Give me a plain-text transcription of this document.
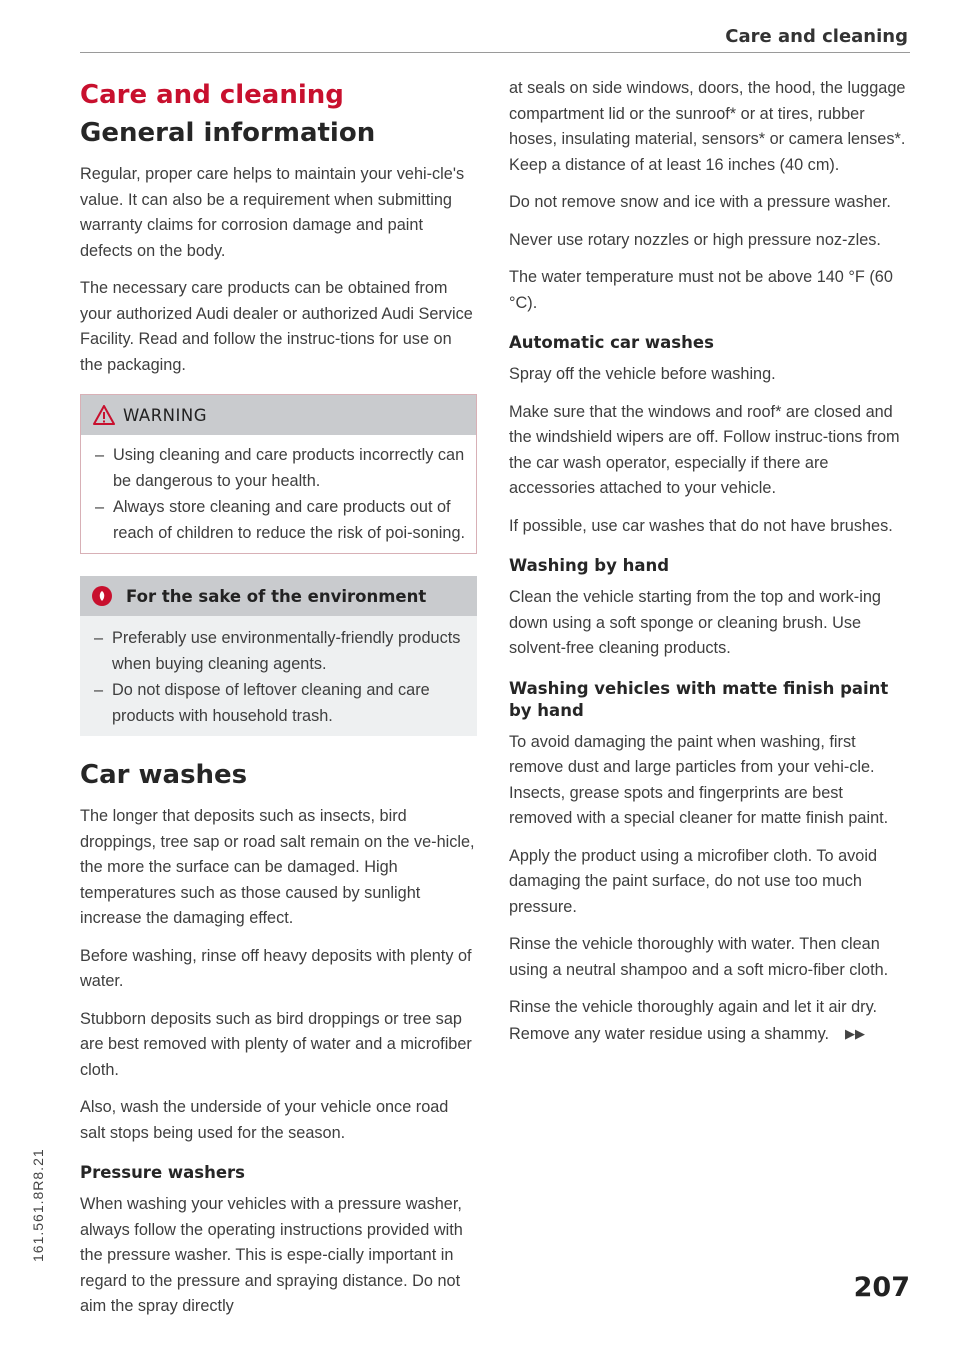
Care and cleaning
Care and cleaning
General information

Regular, proper care helps to maintain your vehi-cle's value. It can also be a requirement when submitting warranty claims for corrosion damage and paint defects on the body.

The necessary care products can be obtained from your authorized Audi dealer or authorized Audi Service Facility. Read and follow the instruc-tions for use on the packaging.

WARNING
– Using cleaning and care products incorrectly can be dangerous to your health.
– Always store cleaning and care products out of reach of children to reduce the risk of poi-soning.
For the sake of the environment
– Preferably use environmentally-friendly products when buying cleaning agents.
– Do not dispose of leftover cleaning and care products with household trash.
Car washes

The longer that deposits such as insects, bird droppings, tree sap or road salt remain on the ve-hicle, the more the surface can be damaged. High temperatures such as those caused by sunlight increase the damaging effect.

Before washing, rinse off heavy deposits with plenty of water.

Stubborn deposits such as bird droppings or tree sap are best removed with plenty of water and a microfiber cloth.

Also, wash the underside of your vehicle once road salt stops being used for the season.

Pressure washers

When washing your vehicles with a pressure washer, always follow the operating instructions provided with the pressure washer. This is espe-cially important in regard to the pressure and spraying distance. Do not aim the spray directly

at seals on side windows, doors, the hood, the luggage compartment lid or the sunroof* or at tires, rubber hoses, insulating material, sensors* or camera lenses*. Keep a distance of at least 16 inches (40 cm).

Do not remove snow and ice with a pressure washer.

Never use rotary nozzles or high pressure noz-zles.

The water temperature must not be above 140 °F (60 °C).

Automatic car washes

Spray off the vehicle before washing.

Make sure that the windows and roof* are closed and the windshield wipers are off. Follow instruc-tions from the car wash operator, especially if there are accessories attached to your vehicle.

If possible, use car washes that do not have brushes.

Washing by hand

Clean the vehicle starting from the top and work-ing down using a soft sponge or cleaning brush. Use solvent-free cleaning products.

Washing vehicles with matte finish paint by hand

To avoid damaging the paint when washing, first remove dust and large particles from your vehi-cle. Insects, grease spots and fingerprints are best removed with a special cleaner for matte finish paint.

Apply the product using a microfiber cloth. To avoid damaging the paint surface, do not use too much pressure.

Rinse the vehicle thoroughly with water. Then clean using a neutral shampoo and a soft micro-fiber cloth.

Rinse the vehicle thoroughly again and let it air dry. Remove any water residue using a shammy. ▶▶

161.561.8R8.21
207
